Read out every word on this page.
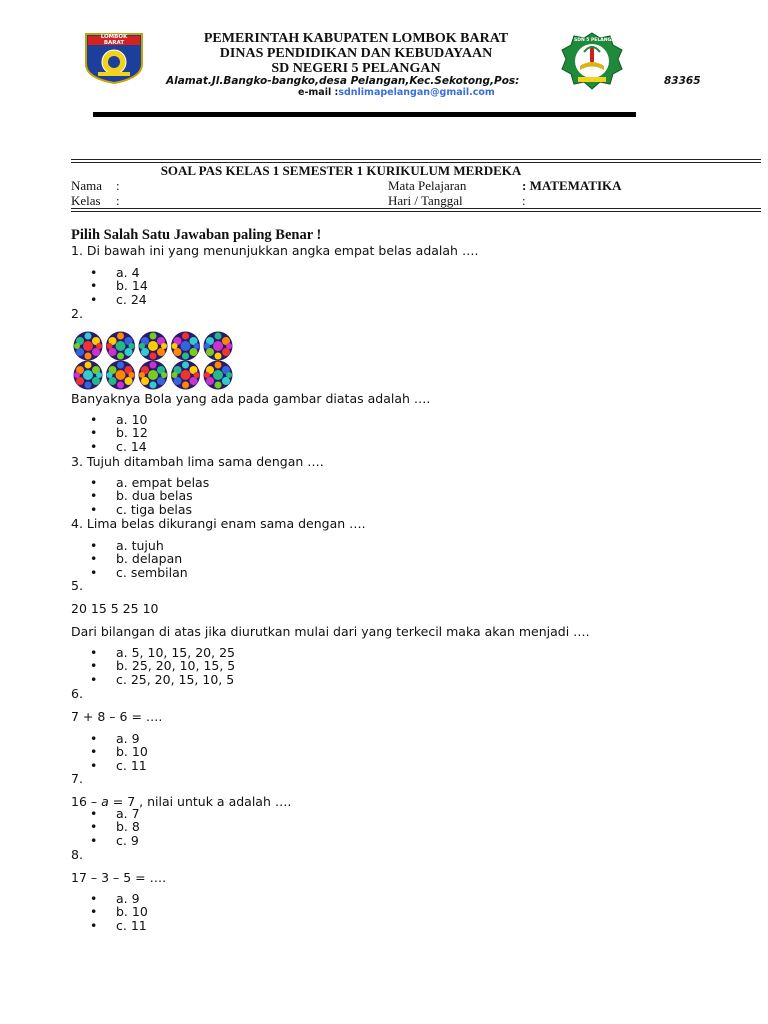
LOMBOK BARAT	PEMERINTAH KABUPATEN LOMBOK BARAT
DINAS PENDIDIKAN DAN KEBUDAYAAN
SD NEGERI 5 PELANGAN
Alamat.Jl.Bangko-bangko,desa Pelangan,Kec.Sekotong,Pos:	83365
e-mail :sdnlimapelangan@gmail.com
SDN 5 PELANGAN
SOAL PAS KELAS 1 SEMESTER 1 KURIKULUM MERDEKA
Nama :	Mata Pelajaran	: MATEMATIKA
Kelas :	Hari / Tanggal	:
Pilih Salah Satu Jawaban paling Benar !
1. Di bawah ini yang menunjukkan angka empat belas adalah ….
• a. 4
• b. 14
• c. 24
2.
Banyaknya Bola yang ada pada gambar diatas adalah ….
• a. 10
• b. 12
• c. 14
3. Tujuh ditambah lima sama dengan ….
• a. empat belas
• b. dua belas
• c. tiga belas
4. Lima belas dikurangi enam sama dengan ….
• a. tujuh
• b. delapan
• c. sembilan
5.
20 15 5 25 10
Dari bilangan di atas jika diurutkan mulai dari yang terkecil maka akan menjadi ….
• a. 5, 10, 15, 20, 25
• b. 25, 20, 10, 15, 5
• c. 25, 20, 15, 10, 5
6.
7 + 8 – 6 = ….
• a. 9
• b. 10
• c. 11
7.
16 – a = 7 , nilai untuk a adalah ….
• a. 7
• b. 8
• c. 9
8.
17 – 3 – 5 = ….
• a. 9
• b. 10
• c. 11
